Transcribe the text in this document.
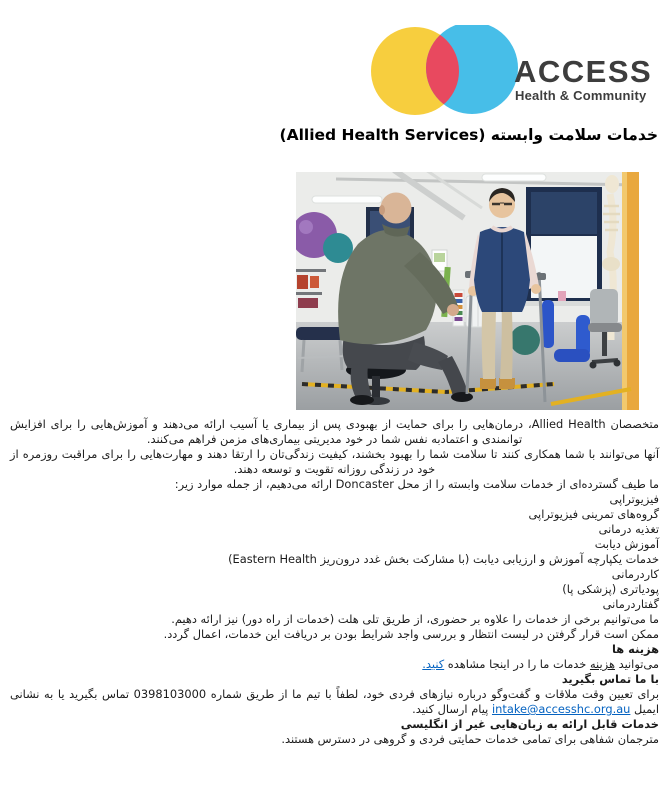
ACCESS
Health & Community
خدمات سلامت وابسته (Allied Health Services)

متخصصان Allied Health، درمان‌هایی را برای حمایت از بهبودی پس از بیماری یا آسیب ارائه می‌دهند و آموزش‌هایی را برای افزایش توانمندی و اعتمادبه نفس شما در خود مدیریتی بیماری‌های مزمن فراهم می‌کنند.

آنها می‌توانند با شما همکاری کنند تا سلامت شما را بهبود بخشند، کیفیت زندگی‌تان را ارتقا دهند و مهارت‌هایی را برای مراقبت روزمره از خود در زندگی روزانه تقویت و توسعه دهند.

ما طیف گسترده‌ای از خدمات سلامت وابسته را از محل Doncaster ارائه می‌دهیم، از جمله موارد زیر:

فیزیوتراپی

گروه‌های تمرینی فیزیوتراپی

تغذیه درمانی

آموزش دیابت

خدمات یکپارچه آموزش و ارزیابی دیابت (با مشارکت بخش غدد درون‌ریز Eastern Health)

کاردرمانی

پودیاتری (پزشکی پا)

گفتاردرمانی

ما می‌توانیم برخی از خدمات را علاوه بر حضوری، از طریق تلی هلت (خدمات از راه دور) نیز ارائه دهیم.

ممکن است قرار گرفتن در لیست انتظار و بررسی واجد شرایط بودن بر دریافت این خدمات، اعمال گردد.

هزینه ها

می‌توانید هزینه خدمات ما را در اینجا مشاهده کنید.

با ما تماس بگیرید

برای تعیین وقت ملاقات و گفت‌وگو درباره نیازهای فردی خود، لطفاً با تیم ما از طریق شماره 0398103000 تماس بگیرید یا به نشانی ایمیل intake@accesshc.org.au پیام ارسال کنید.

خدمات قابل ارائه به زبان‌هایی غیر از انگلیسی

مترجمان شفاهی برای تمامی خدمات حمایتی فردی و گروهی در دسترس هستند.
